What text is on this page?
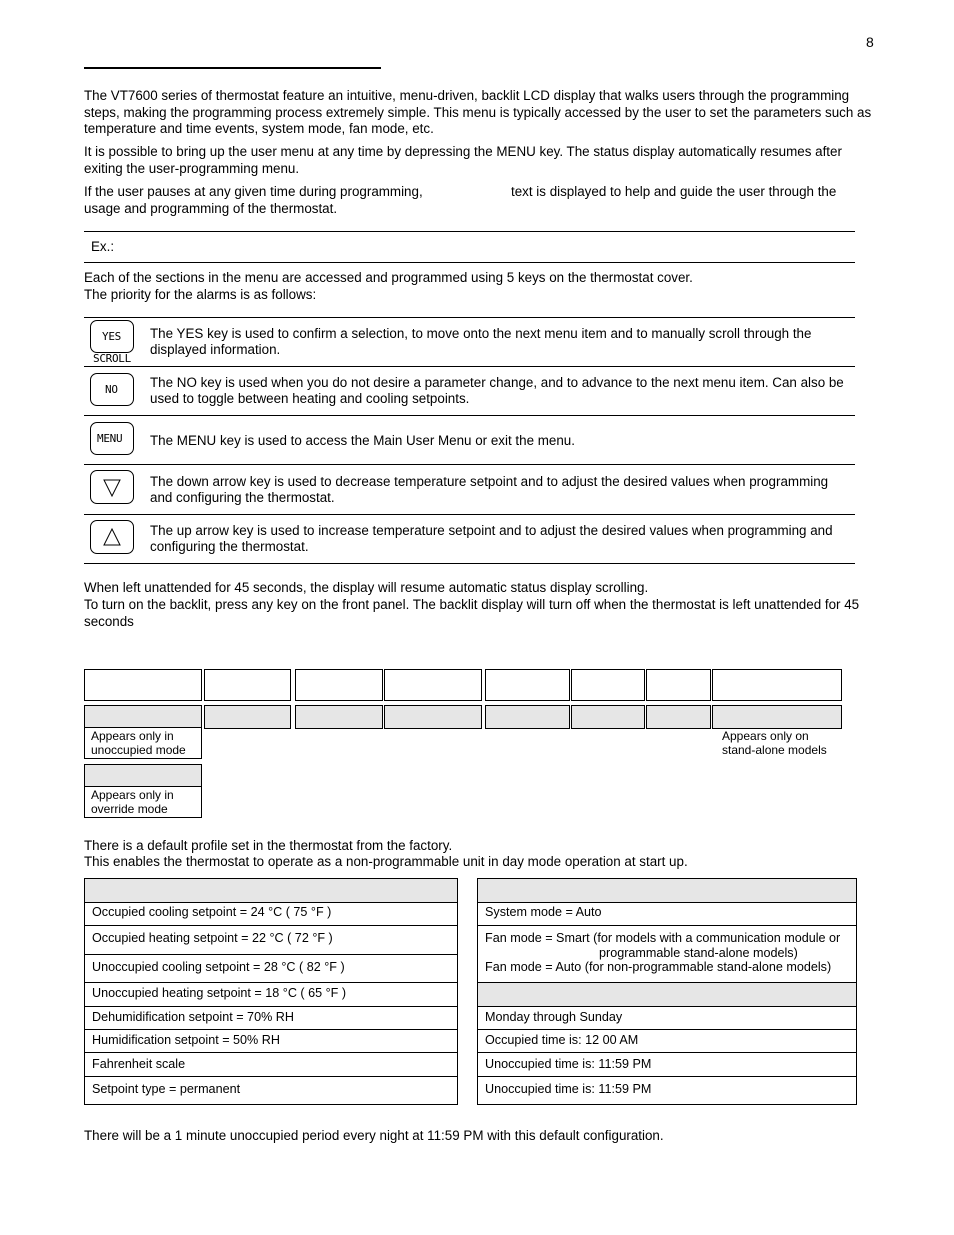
8

The VT7600 series of thermostat feature an intuitive, menu-driven, backlit LCD display that walks users through the programming steps, making the programming process extremely simple. This menu is typically accessed by the user to set the parameters such as temperature and time events, system mode, fan mode, etc.

It is possible to bring up the user menu at any time by depressing the MENU key. The status display automatically resumes after exiting the user-programming menu.

If the user pauses at any given time during programming,	text is displayed to help and guide the user through the
usage and programming of the thermostat.
Ex.:

Each of the sections in the menu are accessed and programmed using 5 keys on the thermostat cover.

The priority for the alarms is as follows:

YES
SCROLL
The YES key is used to confirm a selection, to move onto the next menu item and to manually scroll through the displayed information.
NO The NO key is used when you do not desire a parameter change, and to advance to the next menu item. Can also be used to toggle between heating and cooling setpoints.
MENU The MENU key is used to access the Main User Menu or exit the menu.
The down arrow key is used to decrease temperature setpoint and to adjust the desired values when programming and configuring the thermostat.
The up arrow key is used to increase temperature setpoint and to adjust the desired values when programming and configuring the thermostat.

When left unattended for 45 seconds, the display will resume automatic status display scrolling.

To turn on the backlit, press any key on the front panel. The backlit display will turn off when the thermostat is left unattended for 45 seconds

Appears only in unoccupied mode
Appears only on stand-alone models
Appears only in override mode

There is a default profile set in the thermostat from the factory.

This enables the thermostat to operate as a non-programmable unit in day mode operation at start up.

Occupied cooling setpoint = 24 °C ( 75 °F )
Occupied heating setpoint = 22 °C ( 72 °F )
Unoccupied cooling setpoint = 28 °C ( 82 °F )
Unoccupied heating setpoint = 18 °C ( 65 °F )
Dehumidification setpoint = 70% RH
Humidification setpoint = 50% RH
Fahrenheit scale
Setpoint type = permanent
System mode = Auto
Fan mode = Smart (for models with a communication module or
programmable stand-alone models)
Fan mode = Auto (for non-programmable stand-alone models)
Monday through Sunday
Occupied time is: 12 00 AM
Unoccupied time is: 11:59 PM
Unoccupied time is: 11:59 PM

There will be a 1 minute unoccupied period every night at 11:59 PM with this default configuration.
